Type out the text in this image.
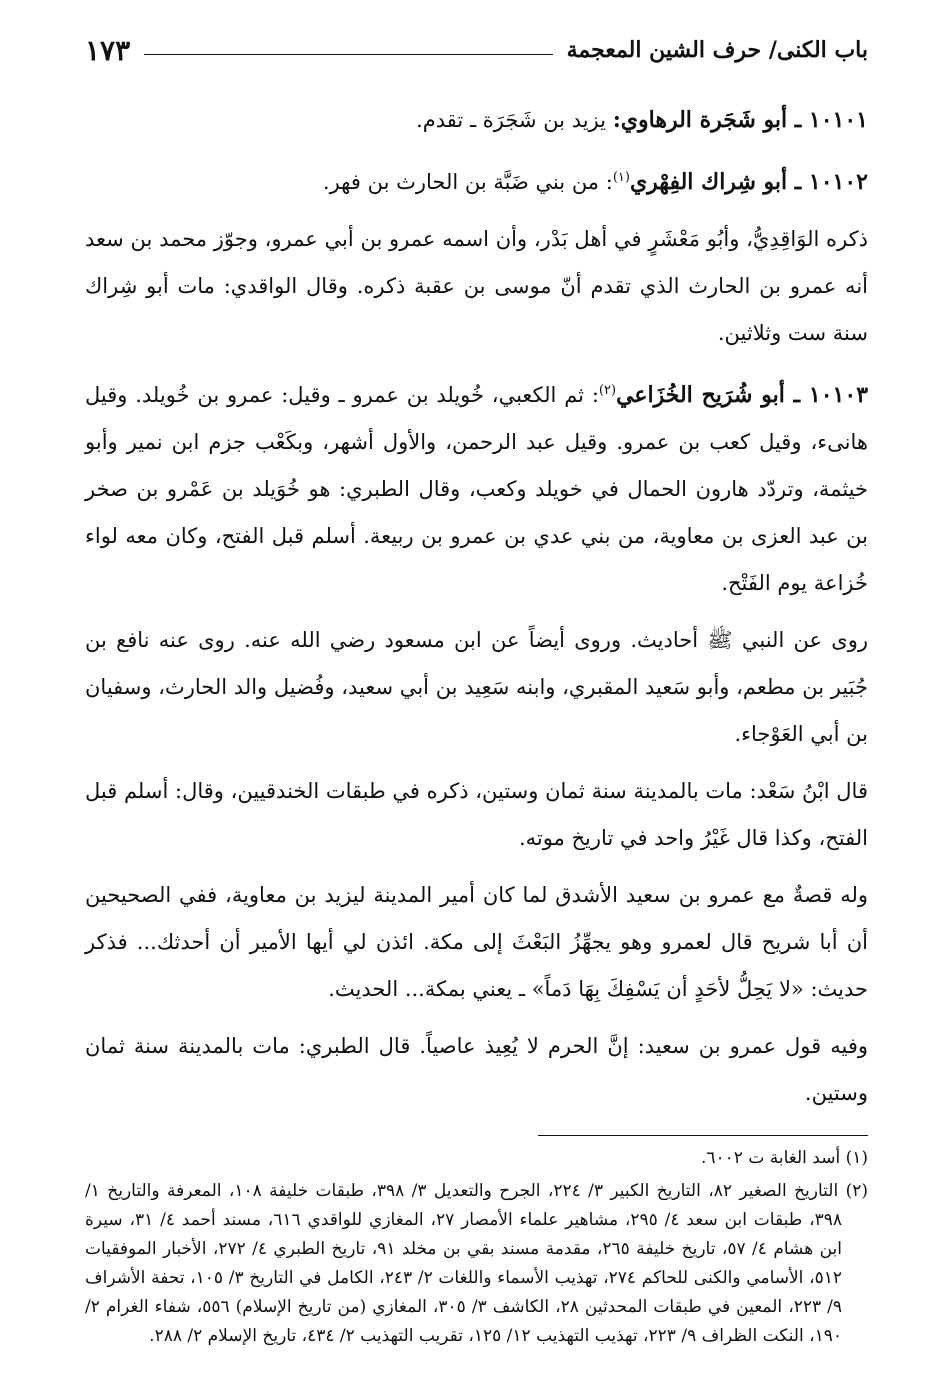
باب الكنى/ حرف الشين المعجمة
١٧٣

١٠١٠١ ـ أبو شَجَرة الرهاوي: يزيد بن شَجَرَة ـ تقدم.

١٠١٠٢ ـ أبو شِراك الفِهْري$^{(١)}$: من بني ضَبَّة بن الحارث بن فهر.

ذكره الوَاقِدِيُّ، وأبُو مَعْشَرٍ في أهل بَدْر، وأن اسمه عمرو بن أبي عمرو، وجوّز محمد بن سعد أنه عمرو بن الحارث الذي تقدم أنّ موسى بن عقبة ذكره. وقال الواقدي: مات أبو شِراك سنة ست وثلاثين.

١٠١٠٣ ـ أبو شُرَيح الخُزَاعي$^{(٢)}$: ثم الكعبي، خُويلد بن عمرو ـ وقيل: عمرو بن خُويلد. وقيل هانىء، وقيل كعب بن عمرو. وقيل عبد الرحمن، والأول أشهر، وبكَعْب جزم ابن نمير وأبو خيثمة، وتردّد هارون الحمال في خويلد وكعب، وقال الطبري: هو خُوَيلد بن عَمْرو بن صخر بن عبد العزى بن معاوية، من بني عدي بن عمرو بن ربيعة. أسلم قبل الفتح، وكان معه لواء خُزاعة يوم الفَتْح.

روى عن النبي ﷺ أحاديث. وروى أيضاً عن ابن مسعود رضي الله عنه. روى عنه نافع بن جُبَير بن مطعم، وأبو سَعيد المقبري، وابنه سَعِيد بن أبي سعيد، وفُضيل والد الحارث، وسفيان بن أبي العَوْجاء.

قال ابْنُ سَعْد: مات بالمدينة سنة ثمان وستين، ذكره في طبقات الخندقيين، وقال: أسلم قبل الفتح، وكذا قال غَيْرُ واحد في تاريخ موته.

وله قصةٌ مع عمرو بن سعيد الأشدق لما كان أمير المدينة ليزيد بن معاوية، ففي الصحيحين أن أبا شريح قال لعمرو وهو يجهِّزُ البَعْثَ إلى مكة. ائذن لي أيها الأمير أن أحدثك... فذكر حديث: «لا يَحِلُّ لأحَدٍ أن يَسْفِكَ بِهَا دَماً» ـ يعني بمكة... الحديث.

وفيه قول عمرو بن سعيد: إنَّ الحرم لا يُعِيذ عاصياً. قال الطبري: مات بالمدينة سنة ثمان وستين.

(١) أسد الغابة ت ٦٠٠٢.

(٢) التاريخ الصغير ٨٢، التاريخ الكبير ٣/ ٢٢٤، الجرح والتعديل ٣/ ٣٩٨، طبقات خليفة ١٠٨، المعرفة والتاريخ ١/ ٣٩٨، طبقات ابن سعد ٤/ ٢٩٥، مشاهير علماء الأمصار ٢٧، المغازي للواقدي ٦١٦، مسند أحمد ٤/ ٣١، سيرة ابن هشام ٤/ ٥٧، تاريخ خليفة ٢٦٥، مقدمة مسند بقي بن مخلد ٩١، تاريخ الطبري ٤/ ٢٧٢، الأخبار الموفقيات ٥١٢، الأسامي والكنى للحاكم ٢٧٤، تهذيب الأسماء واللغات ٢/ ٢٤٣، الكامل في التاريخ ٣/ ١٠٥، تحفة الأشراف ٩/ ٢٢٣، المعين في طبقات المحدثين ٢٨، الكاشف ٣/ ٣٠٥، المغازي (من تاريخ الإسلام) ٥٥٦، شفاء الغرام ٢/ ١٩٠، النكت الظراف ٩/ ٢٢٣، تهذيب التهذيب ١٢/ ١٢٥، تقريب التهذيب ٢/ ٤٣٤، تاريخ الإسلام ٢/ ٢٨٨.
